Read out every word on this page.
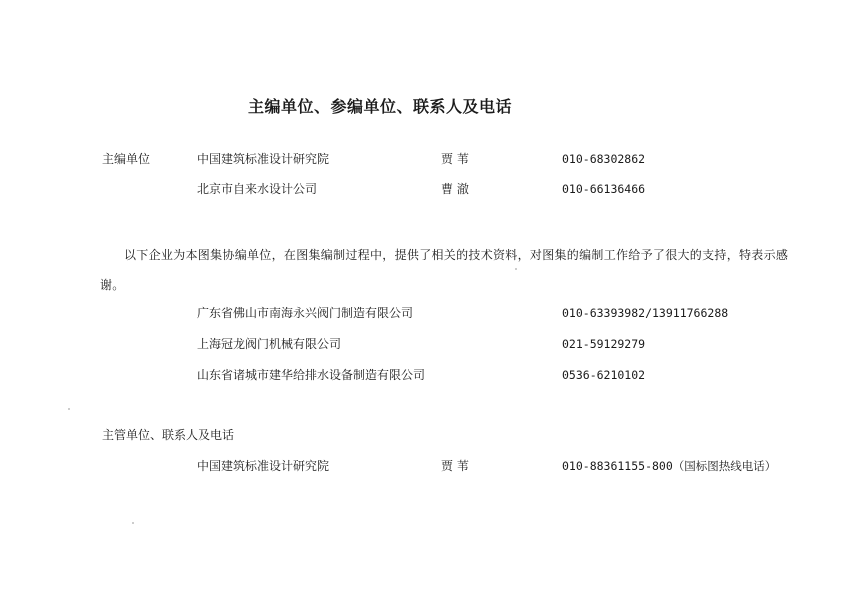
主编单位、参编单位、联系人及电话
主编单位	中国建筑标准设计研究院	贾 苇	010-68302862
北京市自来水设计公司	曹 澈	010-66136466
以下企业为本图集协编单位，在图集编制过程中，提供了相关的技术资料，对图集的编制工作给予了很大的支持，特表示感谢。
广东省佛山市南海永兴阀门制造有限公司	010-63393982/13911766288
上海冠龙阀门机械有限公司	021-59129279
山东省诸城市建华给排水设备制造有限公司	0536-6210102
主管单位、联系人及电话
中国建筑标准设计研究院	贾 苇	010-88361155-800（国标图热线电话）
